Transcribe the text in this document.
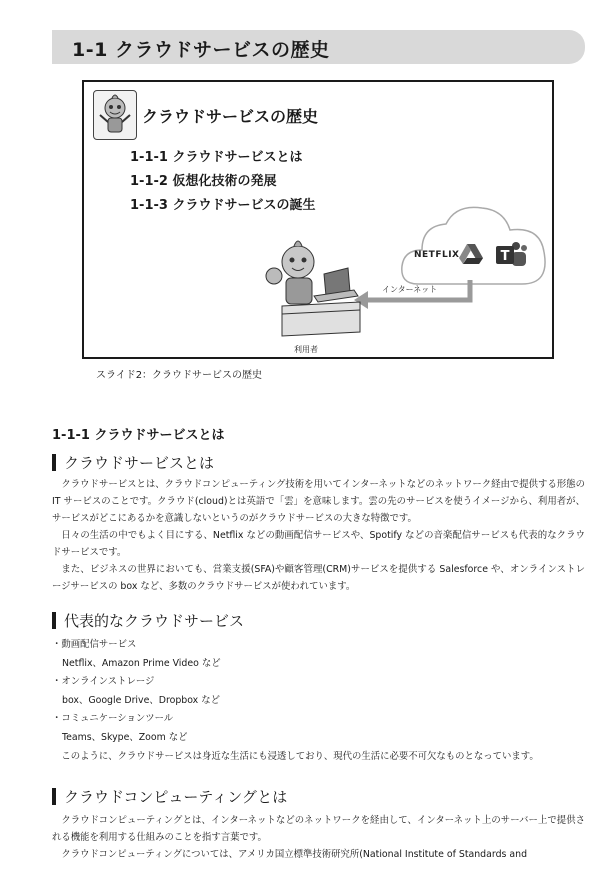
1-1 クラウドサービスの歴史
クラウドサービスの歴史
1-1-1 クラウドサービスとは
1-1-2 仮想化技術の発展
1-1-3 クラウドサービスの誕生
NETFLIX	T
インターネット
利用者
スライド2：クラウドサービスの歴史
1-1-1 クラウドサービスとは
クラウドサービスとは

クラウドサービスとは、クラウドコンピューティング技術を用いてインターネットなどのネットワーク経由で提供する形態の IT サービスのことです。クラウド(cloud)とは英語で「雲」を意味します。雲の先のサービスを使うイメージから、利用者が、サービスがどこにあるかを意識しないというのがクラウドサービスの大きな特徴です。

日々の生活の中でもよく目にする、Netflix などの動画配信サービスや、Spotify などの音楽配信サービスも代表的なクラウドサービスです。

また、ビジネスの世界においても、営業支援(SFA)や顧客管理(CRM)サービスを提供する Salesforce や、オンラインストレージサービスの box など、多数のクラウドサービスが使われています。

代表的なクラウドサービス
・ 動画配信サービス
Netflix、Amazon Prime Video など
・ オンラインストレージ
box、Google Drive、Dropbox など
・ コミュニケーションツール
Teams、Skype、Zoom など
このように、クラウドサービスは身近な生活にも浸透しており、現代の生活に必要不可欠なものとなっています。
クラウドコンピューティングとは

クラウドコンピューティングとは、インターネットなどのネットワークを経由して、インターネット上のサーバー上で提供される機能を利用する仕組みのことを指す言葉です。

クラウドコンピューティングについては、アメリカ国立標準技術研究所(National Institute of Standards and
